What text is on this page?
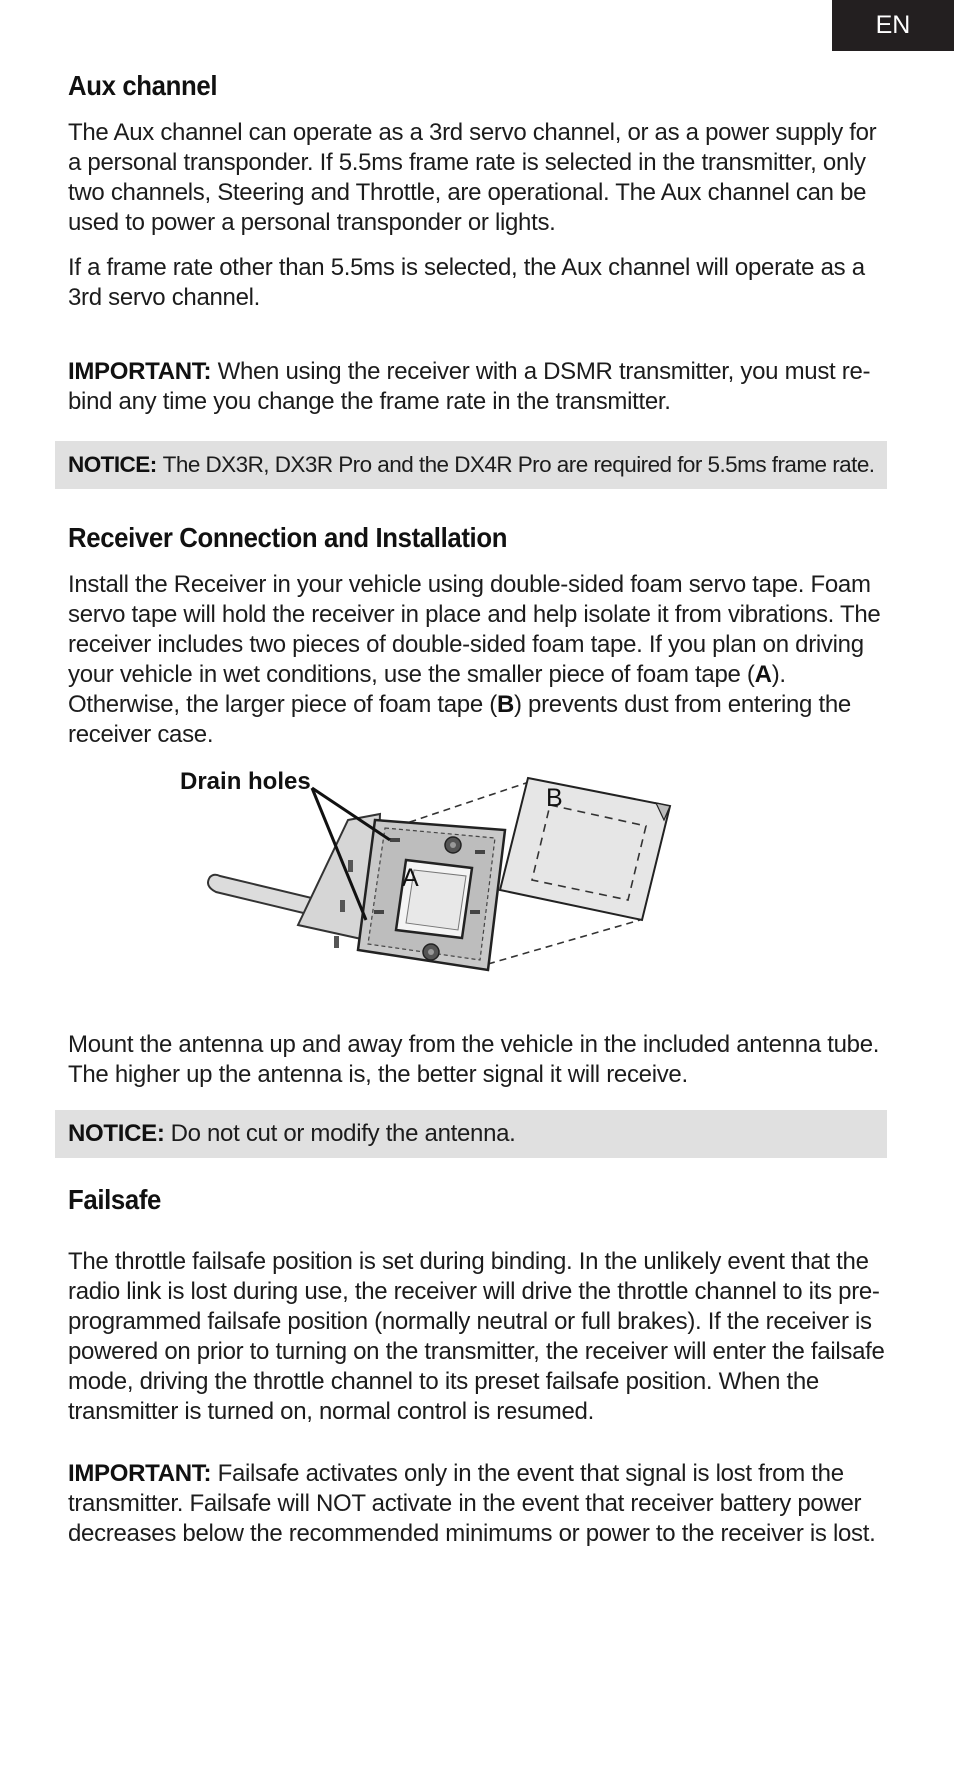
EN
Aux channel

The Aux channel can operate as a 3rd servo channel, or as a power supply for a personal transponder. If 5.5ms frame rate is selected in the transmitter, only two channels, Steering and Throttle, are operational. The Aux channel can be used to power a personal transponder or lights.

If a frame rate other than 5.5ms is selected, the Aux channel will operate as a 3rd servo channel.

IMPORTANT: When using the receiver with a DSMR transmitter, you must re-bind any time you change the frame rate in the transmitter.

Receiver Connection and Installation

Install the Receiver in your vehicle using double-sided foam servo tape. Foam servo tape will hold the receiver in place and help isolate it from vibrations. The receiver includes two pieces of double-sided foam tape. If you plan on driving your vehicle in wet conditions, use the smaller piece of foam tape (A). Otherwise, the larger piece of foam tape (B) prevents dust from entering the receiver case.

Mount the antenna up and away from the vehicle in the included antenna tube. The higher up the antenna is, the better signal it will receive.

Failsafe

The throttle failsafe position is set during binding. In the unlikely event that the radio link is lost during use, the receiver will drive the throttle channel to its pre-programmed failsafe position (normally neutral or full brakes). If the receiver is powered on prior to turning on the transmitter, the receiver will enter the failsafe mode, driving the throttle channel to its preset failsafe position. When the transmitter is turned on, normal control is resumed.

IMPORTANT: Failsafe activates only in the event that signal is lost from the transmitter. Failsafe will NOT activate in the event that receiver battery power decreases below the recommended minimums or power to the receiver is lost.

NOTICE: The DX3R, DX3R Pro and the DX4R Pro are required for 5.5ms frame rate.
NOTICE: Do not cut or modify the antenna.
Drain holes
A
B
